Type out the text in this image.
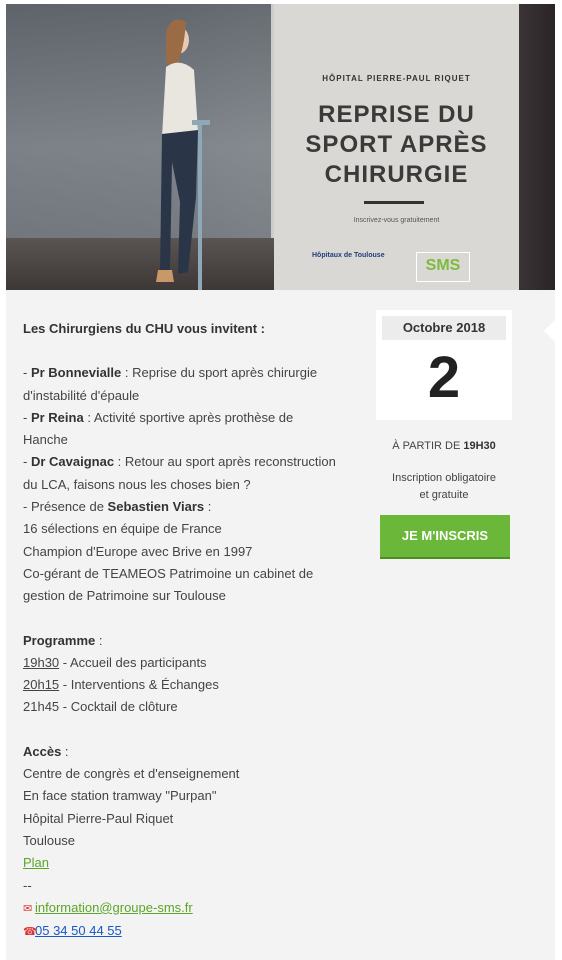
HÔPITAL PIERRE-PAUL RIQUET
REPRISE DU
SPORT APRÈS
CHIRURGIE
Inscrivez-vous gratuitement
Hôpitaux de Toulouse
SMS
Les Chirurgiens du CHU vous invitent :
- Pr Bonnevialle : Reprise du sport après chirurgie
d'instabilité d'épaule
- Pr Reina : Activité sportive après prothèse de
Hanche
- Dr Cavaignac : Retour au sport après reconstruction
du LCA, faisons nous les choses bien ?
- Présence de Sebastien Viars :
16 sélections en équipe de France
Champion d'Europe avec Brive en 1997
Co-gérant de TEAMEOS Patrimoine un cabinet de
gestion de Patrimoine sur Toulouse
Programme :
19h30 - Accueil des participants
20h15 - Interventions & Échanges
21h45 - Cocktail de clôture
Accès :
Centre de congrès et d'enseignement
En face station tramway "Purpan"
Hôpital Pierre-Paul Riquet
Toulouse
Plan
--
✉ information@groupe-sms.fr
☎05 34 50 44 55
Octobre 2018
2
À PARTIR DE 19H30
Inscription obligatoire
et gratuite
JE M'INSCRIS
